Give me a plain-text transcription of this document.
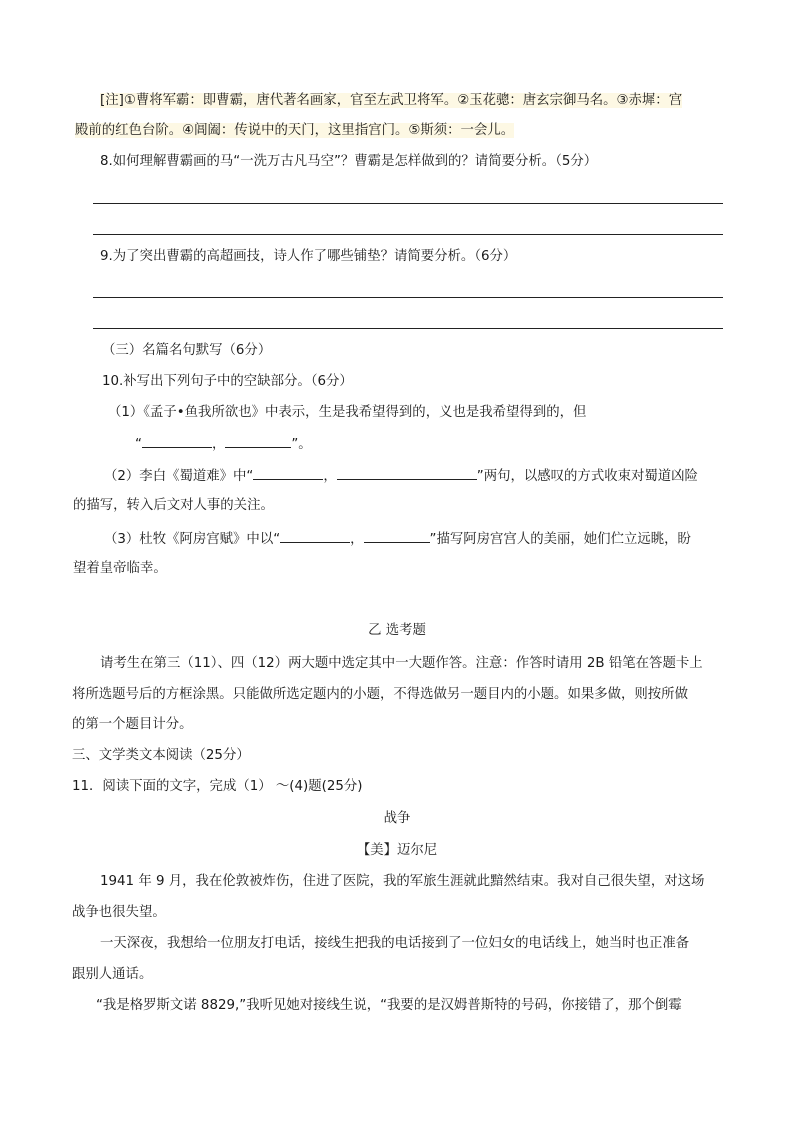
[注]①曹将军霸：即曹霸，唐代著名画家，官至左武卫将军。②玉花骢：唐玄宗御马名。③赤墀：宫
殿前的红色台阶。④阊阖：传说中的天门，这里指宫门。⑤斯须：一会儿。
8.如何理解曹霸画的马“一洗万古凡马空”？曹霸是怎样做到的？请简要分析。（5分）
9.为了突出曹霸的高超画技，诗人作了哪些铺垫？请简要分析。（6分）
（三）名篇名句默写（6分）
10.补写出下列句子中的空缺部分。（6分）
（1）《孟子•鱼我所欲也》中表示，生是我希望得到的，义也是我希望得到的，但
“	，	”。
（2）李白《蜀道难》中“	，	”两句，以感叹的方式收束对蜀道凶险
的描写，转入后文对人事的关注。
（3）杜牧《阿房宫赋》中以“	，	”描写阿房宫宫人的美丽，她们伫立远眺，盼
望着皇帝临幸。
乙 选考题
请考生在第三（11）、四（12）两大题中选定其中一大题作答。注意：作答时请用 2B 铅笔在答题卡上
将所选题号后的方框涂黑。只能做所选定题内的小题，不得选做另一题目内的小题。如果多做，则按所做
的第一个题目计分。
三、文学类文本阅读（25分）
11．阅读下面的文字，完成（1） ～(4)题(25分)
战争
【美】迈尔尼
1941 年 9 月，我在伦敦被炸伤，住进了医院，我的军旅生涯就此黯然结束。我对自己很失望，对这场
战争也很失望。
一天深夜，我想给一位朋友打电话，接线生把我的电话接到了一位妇女的电话线上，她当时也正准备
跟别人通话。
“我是格罗斯文诺 8829,”我听见她对接线生说，“我要的是汉姆普斯特的号码，你接错了，那个倒霉
